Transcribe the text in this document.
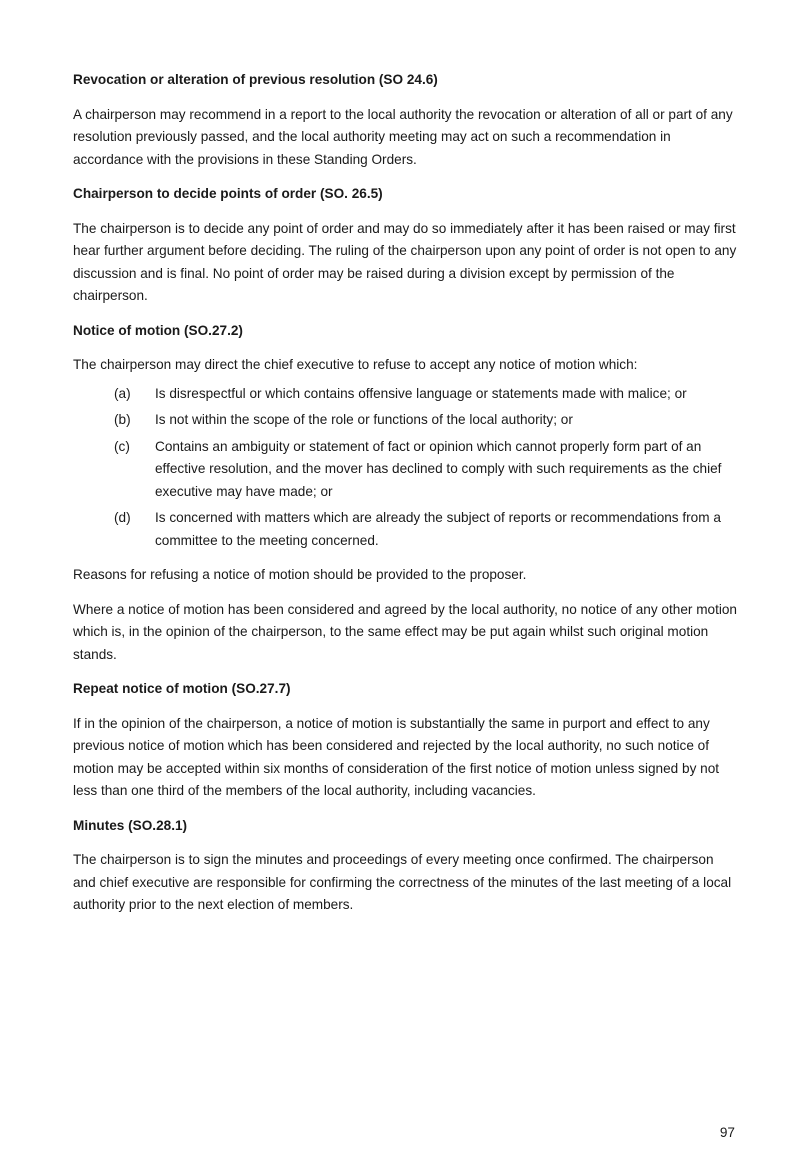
Revocation or alteration of previous resolution (SO 24.6)

A chairperson may recommend in a report to the local authority the revocation or alteration of all or part of any resolution previously passed, and the local authority meeting may act on such a recommendation in accordance with the provisions in these Standing Orders.

Chairperson to decide points of order (SO. 26.5)

The chairperson is to decide any point of order and may do so immediately after it has been raised or may first hear further argument before deciding. The ruling of the chairperson upon any point of order is not open to any discussion and is final. No point of order may be raised during a division except by permission of the chairperson.

Notice of motion (SO.27.2)

The chairperson may direct the chief executive to refuse to accept any notice of motion which:

(a)	Is disrespectful or which contains offensive language or statements made with malice; or
(b)	Is not within the scope of the role or functions of the local authority; or
(c)	Contains an ambiguity or statement of fact or opinion which cannot properly form part of an effective resolution, and the mover has declined to comply with such requirements as the chief executive may have made; or
(d)	Is concerned with matters which are already the subject of reports or recommendations from a committee to the meeting concerned.

Reasons for refusing a notice of motion should be provided to the proposer.

Where a notice of motion has been considered and agreed by the local authority, no notice of any other motion which is, in the opinion of the chairperson, to the same effect may be put again whilst such original motion stands.

Repeat notice of motion (SO.27.7)

If in the opinion of the chairperson, a notice of motion is substantially the same in purport and effect to any previous notice of motion which has been considered and rejected by the local authority, no such notice of motion may be accepted within six months of consideration of the first notice of motion unless signed by not less than one third of the members of the local authority, including vacancies.

Minutes (SO.28.1)

The chairperson is to sign the minutes and proceedings of every meeting once confirmed. The chairperson and chief executive are responsible for confirming the correctness of the minutes of the last meeting of a local authority prior to the next election of members.

97
